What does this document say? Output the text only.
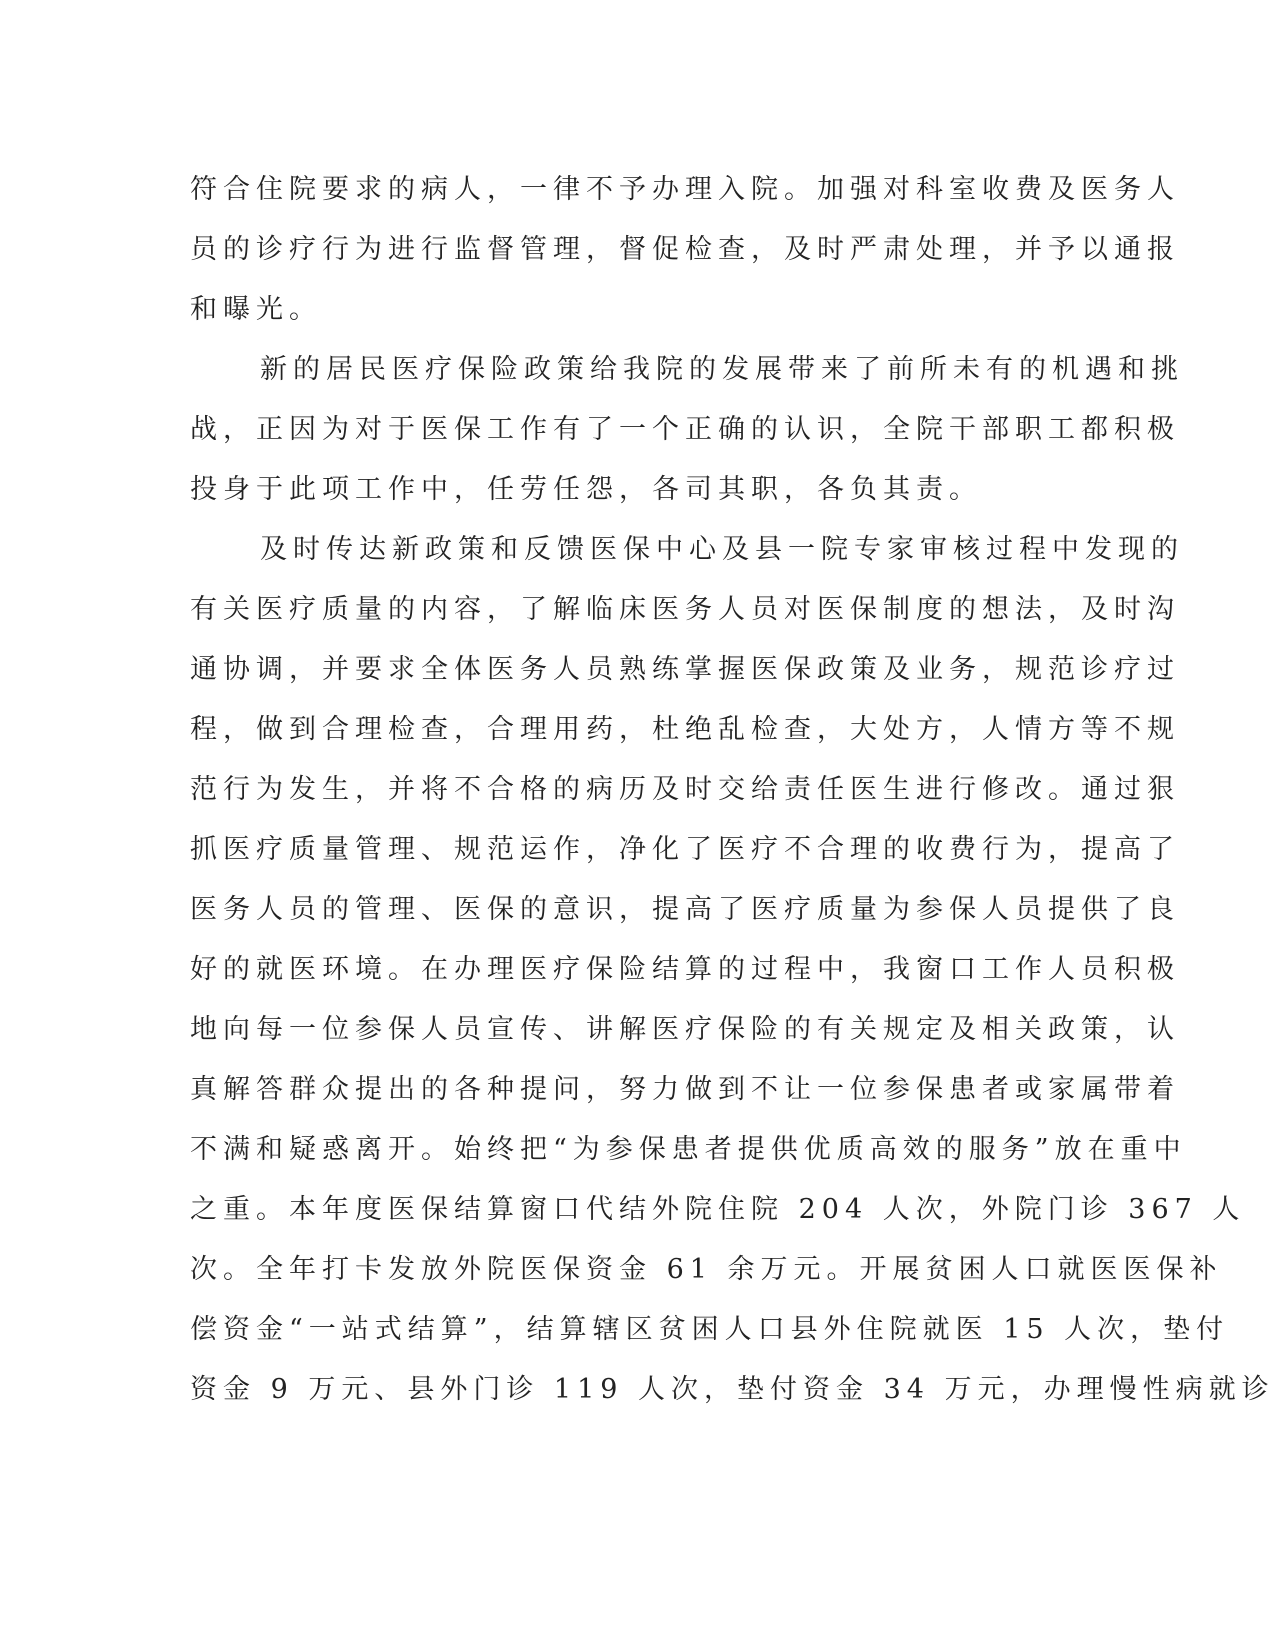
符合住院要求的病人，一律不予办理入院。加强对科室收费及医务人
员的诊疗行为进行监督管理，督促检查，及时严肃处理，并予以通报
和曝光。
新的居民医疗保险政策给我院的发展带来了前所未有的机遇和挑
战，正因为对于医保工作有了一个正确的认识，全院干部职工都积极
投身于此项工作中，任劳任怨，各司其职，各负其责。
及时传达新政策和反馈医保中心及县一院专家审核过程中发现的
有关医疗质量的内容，了解临床医务人员对医保制度的想法，及时沟
通协调，并要求全体医务人员熟练掌握医保政策及业务，规范诊疗过
程，做到合理检查，合理用药，杜绝乱检查，大处方，人情方等不规
范行为发生，并将不合格的病历及时交给责任医生进行修改。通过狠
抓医疗质量管理、规范运作，净化了医疗不合理的收费行为，提高了
医务人员的管理、医保的意识，提高了医疗质量为参保人员提供了良
好的就医环境。在办理医疗保险结算的过程中，我窗口工作人员积极
地向每一位参保人员宣传、讲解医疗保险的有关规定及相关政策，认
真解答群众提出的各种提问，努力做到不让一位参保患者或家属带着
不满和疑惑离开。始终把“为参保患者提供优质高效的服务”放在重中
之重。本年度医保结算窗口代结外院住院 204 人次，外院门诊 367 人
次。全年打卡发放外院医保资金 61 余万元。开展贫困人口就医医保补
偿资金“一站式结算”，结算辖区贫困人口县外住院就医 15 人次，垫付
资金 9 万元、县外门诊 119 人次，垫付资金 34 万元，办理慢性病就诊
